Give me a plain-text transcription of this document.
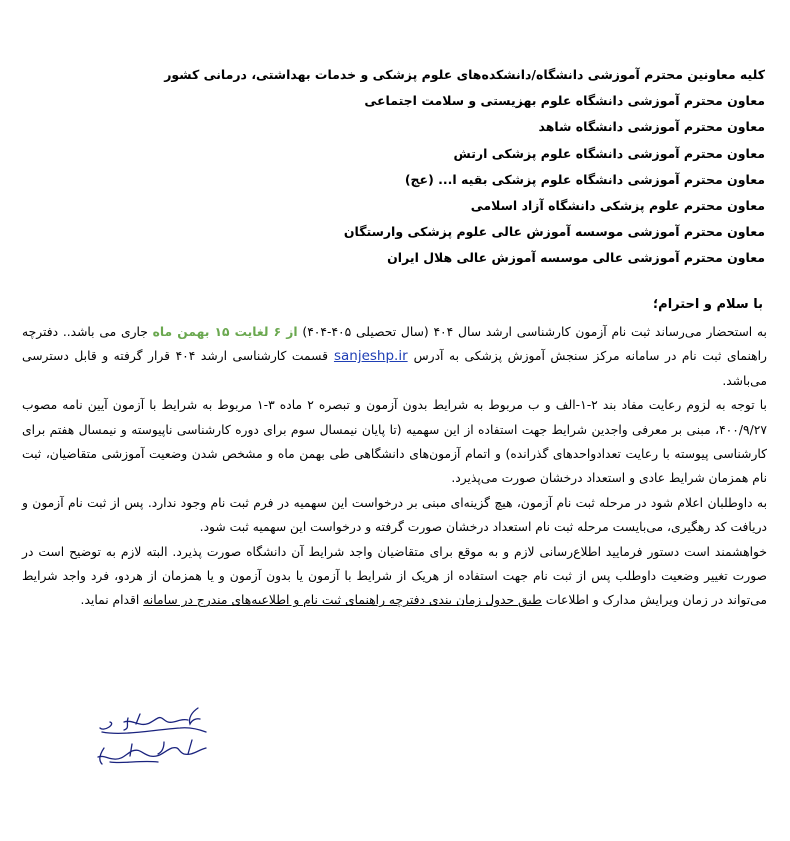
کلیه معاونین محترم آموزشی دانشگاه/دانشکده‌های علوم پزشکی و خدمات بهداشتی، درمانی کشور
معاون محترم آموزشی دانشگاه علوم بهزیستی و سلامت اجتماعی
معاون محترم آموزشی دانشگاه شاهد
معاون محترم آموزشی دانشگاه علوم پزشکی ارتش
معاون محترم آموزشی دانشگاه علوم پزشکی بقیه ا... (عج)
معاون محترم علوم پزشکی دانشگاه آزاد اسلامی
معاون محترم آموزشی موسسه آموزش عالی علوم پزشکی وارستگان
معاون محترم آموزشی عالی موسسه آموزش عالی هلال ایران
با سلام و احترام؛

به استحضار می‌رساند ثبت نام آزمون کارشناسی ارشد سال ۴۰۴ (سال تحصیلی ۴۰۵-۴۰۴) از ۶ لغایت ۱۵ بهمن ماه جاری می باشد.. دفترچه راهنمای ثبت نام در سامانه مرکز سنجش آموزش پزشکی به آدرسsanjeshp.irقسمت کارشناسی ارشد ۴۰۴ قرار گرفته و قابل دسترسی می‌باشد.

با توجه به لزوم رعایت مفاد بند ۲-۱-الف و ب مربوط به شرایط بدون آزمون و تبصره ۲ ماده ۳-۱ مربوط به شرایط با آزمون آیین نامه مصوب ۴۰۰/۹/۲۷، مبنی بر معرفی واجدین شرایط جهت استفاده از این سهمیه (تا پایان نیمسال سوم برای دوره کارشناسی ناپیوسته و نیمسال هفتم برای کارشناسی پیوسته با رعایت تعدادواحدهای گذرانده) و اتمام آزمون‌های دانشگاهی طی بهمن ماه و مشخص شدن وضعیت آموزشی متقاضیان، ثبت نام همزمان شرایط عادی و استعداد درخشان صورت می‌پذیرد.

به داوطلبان اعلام شود در مرحله ثبت نام آزمون، هیچ گزینه‌ای مبنی بر درخواست این سهمیه در فرم ثبت نام وجود ندارد. پس از ثبت نام آزمون و دریافت کد رهگیری، می‌بایست مرحله ثبت نام استعداد درخشان صورت گرفته و درخواست این سهمیه ثبت شود.

خواهشمند است دستور فرمایید اطلاع‌رسانی لازم و به موقع برای متقاضیان واجد شرایط آن دانشگاه صورت پذیرد. البته لازم به توضیح است در صورت تغییر وضعیت داوطلب پس از ثبت نام جهت استفاده از هریک از شرایط با آزمون یا بدون آزمون و یا همزمان از هردو، فرد واجد شرایط می‌تواند در زمان ویرایش مدارک و اطلاعات طبق جدول زمان بندی دفترچه راهنمای ثبت نام و اطلاعیه‌های مندرج در سامانه اقدام نماید.
